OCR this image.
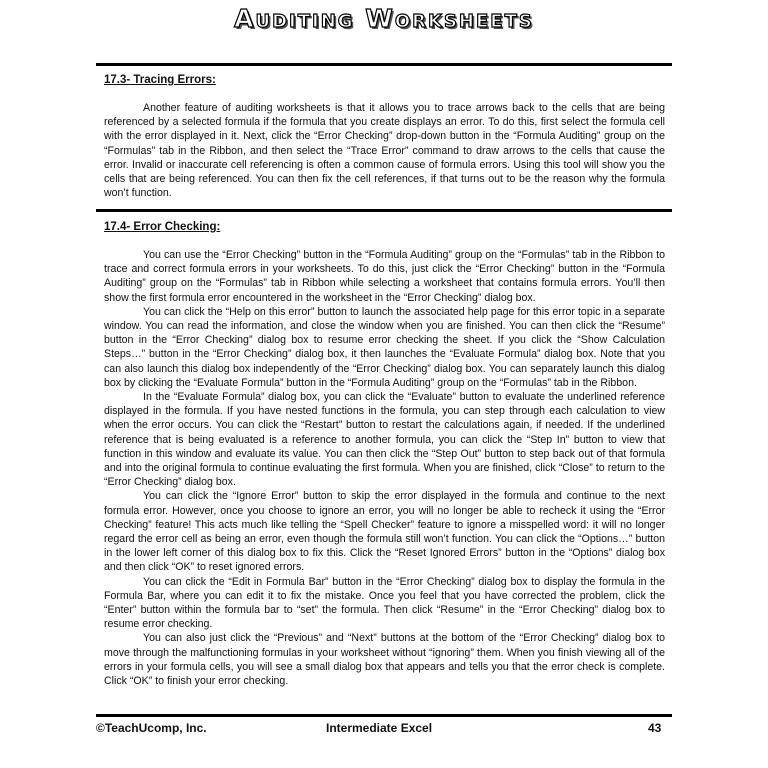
Auditing Worksheets
17.3- Tracing Errors:

Another feature of auditing worksheets is that it allows you to trace arrows back to the cells that are being referenced by a selected formula if the formula that you create displays an error. To do this, first select the formula cell with the error displayed in it. Next, click the “Error Checking” drop-down button in the “Formula Auditing” group on the “Formulas” tab in the Ribbon, and then select the “Trace Error” command to draw arrows to the cells that cause the error. Invalid or inaccurate cell referencing is often a common cause of formula errors. Using this tool will show you the cells that are being referenced. You can then fix the cell references, if that turns out to be the reason why the formula won’t function.

17.4- Error Checking:

You can use the “Error Checking” button in the “Formula Auditing” group on the “Formulas” tab in the Ribbon to trace and correct formula errors in your worksheets. To do this, just click the “Error Checking” button in the “Formula Auditing” group on the “Formulas” tab in Ribbon while selecting a worksheet that contains formula errors. You’ll then show the first formula error encountered in the worksheet in the “Error Checking” dialog box.

You can click the “Help on this error” button to launch the associated help page for this error topic in a separate window. You can read the information, and close the window when you are finished. You can then click the “Resume” button in the “Error Checking” dialog box to resume error checking the sheet. If you click the “Show Calculation Steps…” button in the “Error Checking” dialog box, it then launches the “Evaluate Formula” dialog box. Note that you can also launch this dialog box independently of the “Error Checking” dialog box. You can separately launch this dialog box by clicking the “Evaluate Formula” button in the “Formula Auditing” group on the “Formulas” tab in the Ribbon.

In the “Evaluate Formula” dialog box, you can click the “Evaluate” button to evaluate the underlined reference displayed in the formula. If you have nested functions in the formula, you can step through each calculation to view when the error occurs. You can click the “Restart” button to restart the calculations again, if needed. If the underlined reference that is being evaluated is a reference to another formula, you can click the “Step In” button to view that function in this window and evaluate its value. You can then click the “Step Out” button to step back out of that formula and into the original formula to continue evaluating the first formula. When you are finished, click “Close” to return to the “Error Checking” dialog box.

You can click the “Ignore Error” button to skip the error displayed in the formula and continue to the next formula error. However, once you choose to ignore an error, you will no longer be able to recheck it using the “Error Checking” feature! This acts much like telling the “Spell Checker” feature to ignore a misspelled word: it will no longer regard the error cell as being an error, even though the formula still won’t function. You can click the “Options…” button in the lower left corner of this dialog box to fix this. Click the “Reset Ignored Errors” button in the “Options” dialog box and then click “OK” to reset ignored errors.

You can click the “Edit in Formula Bar” button in the “Error Checking” dialog box to display the formula in the Formula Bar, where you can edit it to fix the mistake. Once you feel that you have corrected the problem, click the “Enter” button within the formula bar to “set” the formula. Then click “Resume” in the “Error Checking” dialog box to resume error checking.

You can also just click the “Previous” and “Next” buttons at the bottom of the “Error Checking” dialog box to move through the malfunctioning formulas in your worksheet without “ignoring” them. When you finish viewing all of the errors in your formula cells, you will see a small dialog box that appears and tells you that the error check is complete. Click “OK” to finish your error checking.

©TeachUcomp, Inc.	Intermediate Excel	43
